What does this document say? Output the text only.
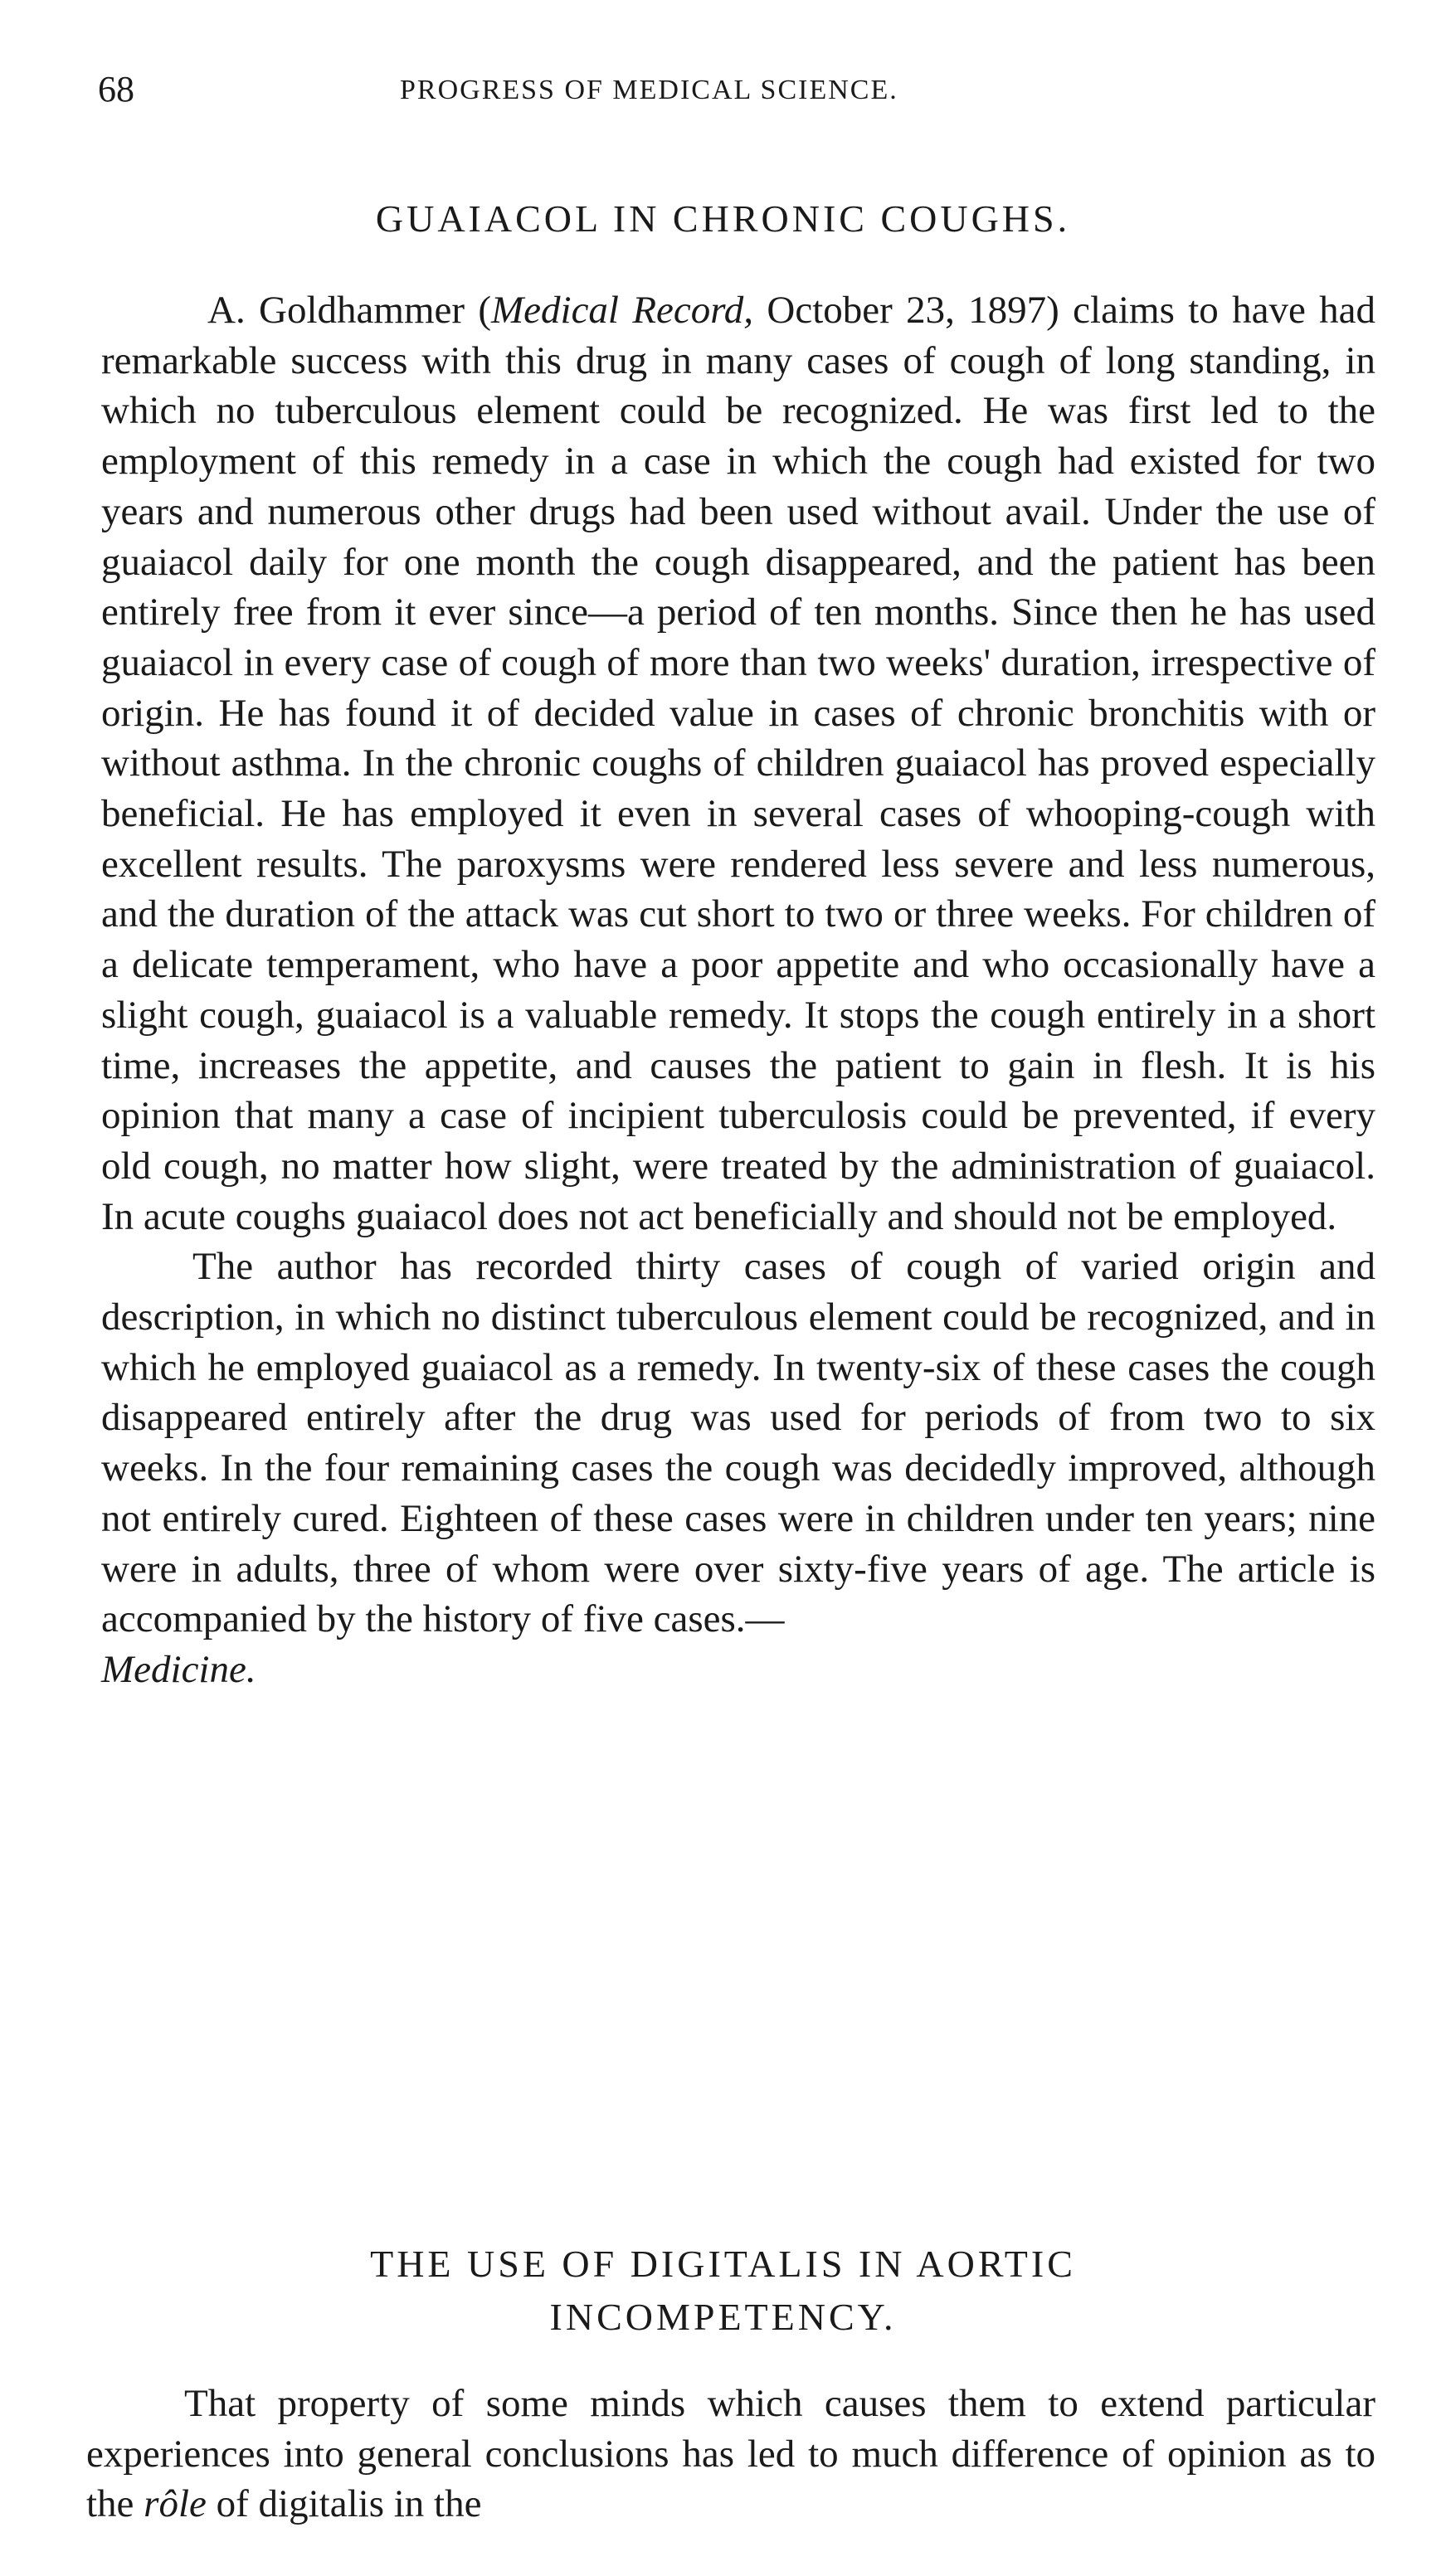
68	PROGRESS OF MEDICAL SCIENCE.
GUAIACOL IN CHRONIC COUGHS.

A. Goldhammer (Medical Record, October 23, 1897) claims to have had remarkable success with this drug in many cases of cough of long standing, in which no tuberculous element could be recognized. He was first led to the employment of this remedy in a case in which the cough had existed for two years and numerous other drugs had been used without avail. Under the use of guaiacol daily for one month the cough disappeared, and the patient has been entirely free from it ever since—a period of ten months. Since then he has used guaiacol in every case of cough of more than two weeks' duration, irrespective of origin. He has found it of decided value in cases of chronic bronchitis with or without asthma. In the chronic coughs of children guaiacol has proved especially beneficial. He has employed it even in several cases of whooping-cough with excellent results. The paroxysms were rendered less severe and less numerous, and the duration of the attack was cut short to two or three weeks. For children of a delicate temperament, who have a poor appetite and who occasionally have a slight cough, guaiacol is a valuable remedy. It stops the cough entirely in a short time, increases the appetite, and causes the patient to gain in flesh. It is his opinion that many a case of incipient tuberculosis could be prevented, if every old cough, no matter how slight, were treated by the administration of guaiacol. In acute coughs guaiacol does not act beneficially and should not be employed.

The author has recorded thirty cases of cough of varied origin and description, in which no distinct tuberculous element could be recognized, and in which he employed guaiacol as a remedy. In twenty-six of these cases the cough disappeared entirely after the drug was used for periods of from two to six weeks. In the four remaining cases the cough was decidedly improved, although not entirely cured. Eighteen of these cases were in children under ten years; nine were in adults, three of whom were over sixty-five years of age. The article is accompanied by the history of five cases.—
Medicine.

THE USE OF DIGITALIS IN AORTIC
INCOMPETENCY.

That property of some minds which causes them to extend particular experiences into general conclusions has led to much difference of opinion as to the rôle of digitalis in the
